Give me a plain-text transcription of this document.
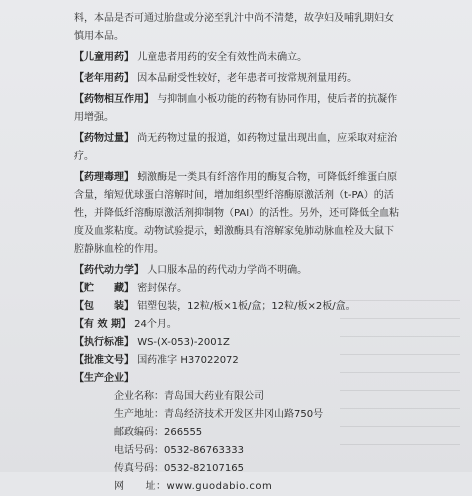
料，本品是否可通过胎盘或分泌至乳汁中尚不清楚，故孕妇及哺乳期妇女
慎用本品。
【儿童用药】 儿童患者用药的安全有效性尚未确立。
【老年用药】 因本品耐受性较好，老年患者可按常规剂量用药。
【药物相互作用】 与抑制血小板功能的药物有协同作用，使后者的抗凝作
用增强。
【药物过量】 尚无药物过量的报道，如药物过量出现出血，应采取对症治
疗。
【药理毒理】 蚓激酶是一类具有纤溶作用的酶复合物，可降低纤维蛋白原
含量，缩短优球蛋白溶解时间，增加组织型纤溶酶原激活剂（t-PA）的活
性，并降低纤溶酶原激活剂抑制物（PAI）的活性。另外，还可降低全血粘
度及血浆粘度。动物试验提示，蚓激酶具有溶解家兔肺动脉血栓及大鼠下
腔静脉血栓的作用。
【药代动力学】 人口服本品的药代动力学尚不明确。
【贮　　藏】 密封保存。
【包　　装】 铝塑包装，12粒/板×1板/盒；12粒/板×2板/盒。
【有 效 期】 24个月。
【执行标准】 WS-(X-053)-2001Z
【批准文号】 国药准字 H37022072
【生产企业】
企业名称：青岛国大药业有限公司
生产地址：青岛经济技术开发区井冈山路750号
邮政编码：266555
电话号码：0532-86763333
传真号码：0532-82107165
网　　址：www.guodabio.com
